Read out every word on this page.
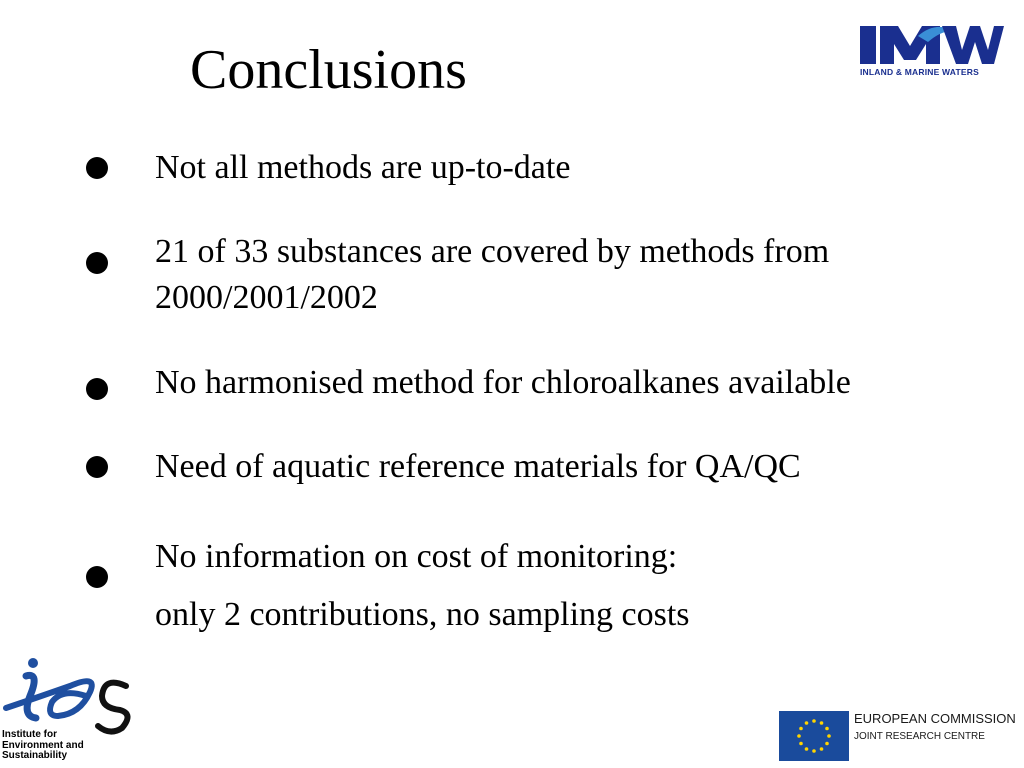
Conclusions	INLAND & MARINE WATERS

Not all methods are up-to-date

21 of 33 substances are covered by methods from
2000/2001/2002

No harmonised method for chloroalkanes available

Need of aquatic reference materials for QA/QC

No information on cost of monitoring:
only 2 contributions, no sampling costs

Institute for
Environment and
Sustainability
EUROPEAN COMMISSION
JOINT RESEARCH CENTRE
